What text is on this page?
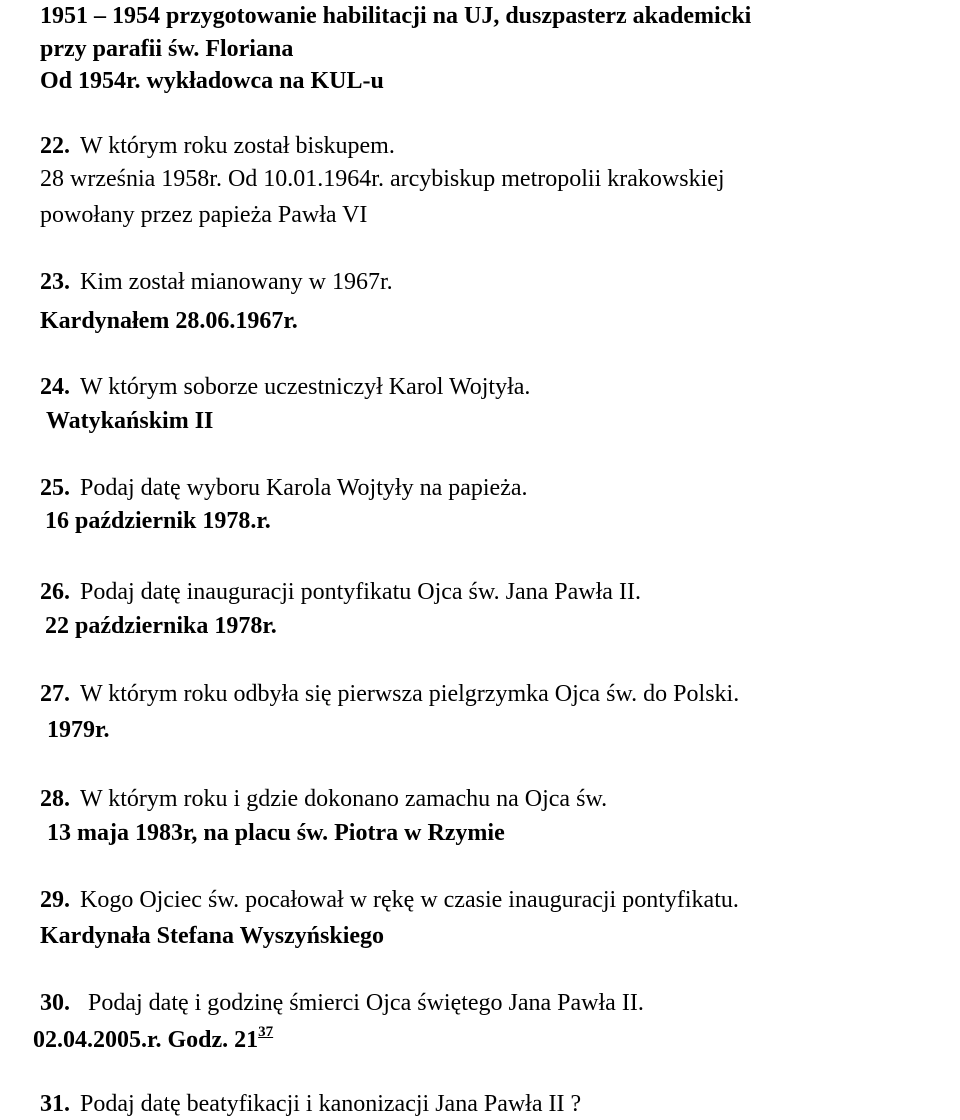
1951 – 1954 przygotowanie habilitacji na UJ, duszpasterz akademicki
przy parafii św. Floriana
Od 1954r. wykładowca na KUL-u
22. W którym roku został biskupem.
28 września 1958r. Od 10.01.1964r. arcybiskup metropolii krakowskiej
powołany przez papieża Pawła VI
23. Kim został mianowany w 1967r.
Kardynałem 28.06.1967r.
24. W którym soborze uczestniczył Karol Wojtyła.
Watykańskim II
25. Podaj datę wyboru Karola Wojtyły na papieża.
16 październik 1978.r.
26. Podaj datę inauguracji pontyfikatu Ojca św. Jana Pawła II.
22 października 1978r.
27. W którym roku odbyła się pierwsza pielgrzymka Ojca św. do Polski.
1979r.
28. W którym roku i gdzie dokonano zamachu na Ojca św.
13 maja 1983r, na placu św. Piotra w Rzymie
29. Kogo Ojciec św. pocałował w rękę w czasie inauguracji pontyfikatu.
Kardynała Stefana Wyszyńskiego
30. Podaj datę i godzinę śmierci Ojca świętego Jana Pawła II.
02.04.2005.r. Godz. $21^{37}$
31. Podaj datę beatyfikacji i kanonizacji Jana Pawła II ?
